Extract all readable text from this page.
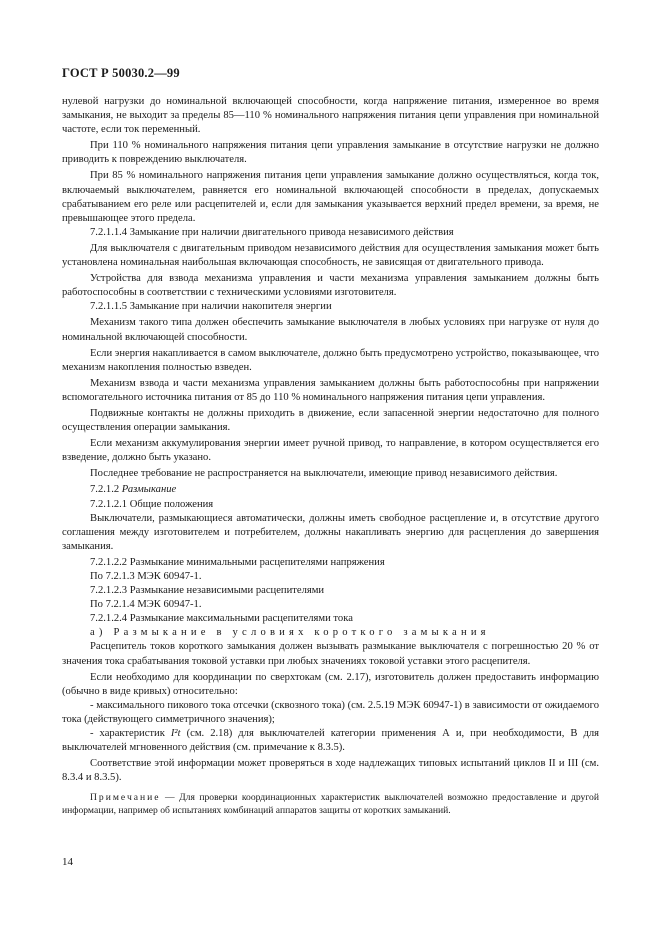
ГОСТ Р 50030.2—99

нулевой нагрузки до номинальной включающей способности, когда напряжение питания, измеренное во время замыкания, не выходит за пределы 85—110 % номинального напряжения питания цепи управления при номинальной частоте, если ток переменный.

При 110 % номинального напряжения питания цепи управления замыкание в отсутствие нагрузки не должно приводить к повреждению выключателя.

При 85 % номинального напряжения питания цепи управления замыкание должно осуществляться, когда ток, включаемый выключателем, равняется его номинальной включающей способности в пределах, допускаемых срабатыванием его реле или расцепителей и, если для замыкания указывается верхний предел времени, за время, не превышающее этого предела.

7.2.1.1.4 Замыкание при наличии двигательного привода независимого действия

Для выключателя с двигательным приводом независимого действия для осуществления замыкания может быть установлена номинальная наибольшая включающая способность, не зависящая от двигательного привода.

Устройства для взвода механизма управления и части механизма управления замыканием должны быть работоспособны в соответствии с техническими условиями изготовителя.

7.2.1.1.5 Замыкание при наличии накопителя энергии

Механизм такого типа должен обеспечить замыкание выключателя в любых условиях при нагрузке от нуля до номинальной включающей способности.

Если энергия накапливается в самом выключателе, должно быть предусмотрено устройство, показывающее, что механизм накопления полностью взведен.

Механизм взвода и части механизма управления замыканием должны быть работоспособны при напряжении вспомогательного источника питания от 85 до 110 % номинального напряжения питания цепи управления.

Подвижные контакты не должны приходить в движение, если запасенной энергии недостаточно для полного осуществления операции замыкания.

Если механизм аккумулирования энергии имеет ручной привод, то направление, в котором осуществляется его взведение, должно быть указано.

Последнее требование не распространяется на выключатели, имеющие привод независимого действия.

7.2.1.2 Размыкание

7.2.1.2.1 Общие положения

Выключатели, размыкающиеся автоматически, должны иметь свободное расцепление и, в отсутствие другого соглашения между изготовителем и потребителем, должны накапливать энергию для расцепления до завершения замыкания.

7.2.1.2.2 Размыкание минимальными расцепителями напряжения

По 7.2.1.3 МЭК 60947-1.

7.2.1.2.3 Размыкание независимыми расцепителями

По 7.2.1.4 МЭК 60947-1.

7.2.1.2.4 Размыкание максимальными расцепителями тока

а) Размыкание в условиях короткого замыкания

Расцепитель токов короткого замыкания должен вызывать размыкание выключателя с погрешностью 20 % от значения тока срабатывания токовой уставки при любых значениях токовой уставки этого расцепителя.

Если необходимо для координации по сверхтокам (см. 2.17), изготовитель должен предоставить информацию (обычно в виде кривых) относительно:

- максимального пикового тока отсечки (сквозного тока) (см. 2.5.19 МЭК 60947-1) в зависимости от ожидаемого тока (действующего симметричного значения);

- характеристик I²t (см. 2.18) для выключателей категории применения А и, при необходимости, В для выключателей мгновенного действия (см. примечание к 8.3.5).

Соответствие этой информации может проверяться в ходе надлежащих типовых испытаний циклов II и III (см. 8.3.4 и 8.3.5).

Примечание — Для проверки координационных характеристик выключателей возможно предоставление и другой информации, например об испытаниях комбинаций аппаратов защиты от коротких замыканий.

14
